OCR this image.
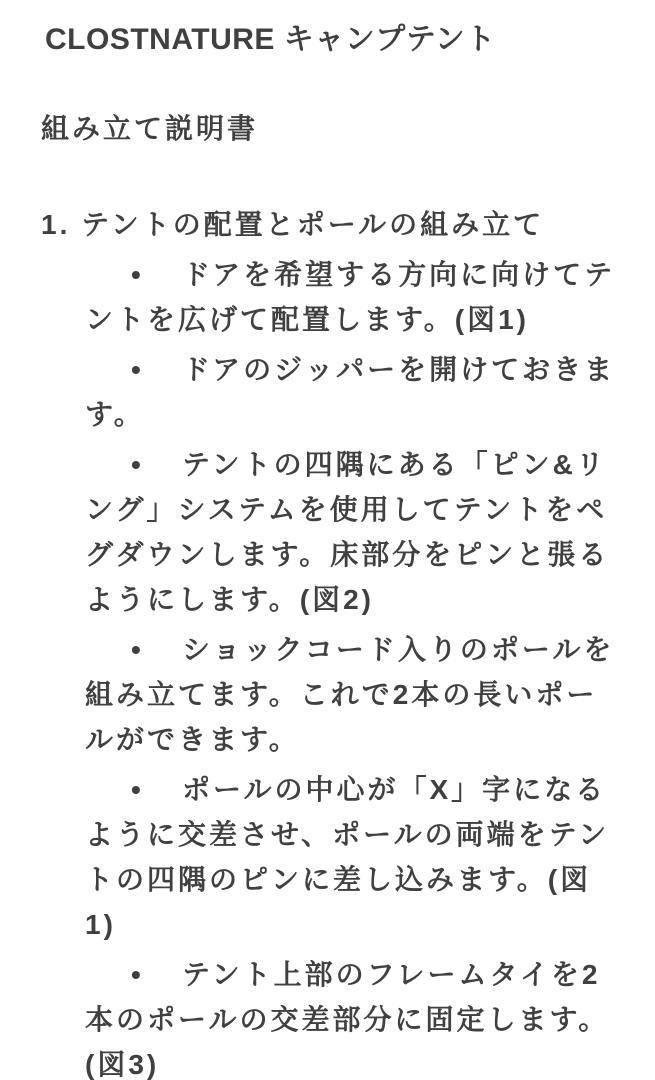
CLOSTNATURE キャンプテント

組み立て説明書

1. テントの配置とポールの組み立て

• ドアを希望する方向に向けてテントを広げて配置します。(図1)

• ドアのジッパーを開けておきます。

• テントの四隅にある「ピン&リング」システムを使用してテントをペグダウンします。床部分をピンと張るようにします。(図2)

• ショックコード入りのポールを組み立てます。これで2本の長いポールができます。

• ポールの中心が「X」字になるように交差させ、ポールの両端をテントの四隅のピンに差し込みます。(図1)

• テント上部のフレームタイを2本のポールの交差部分に固定します。(図3)
